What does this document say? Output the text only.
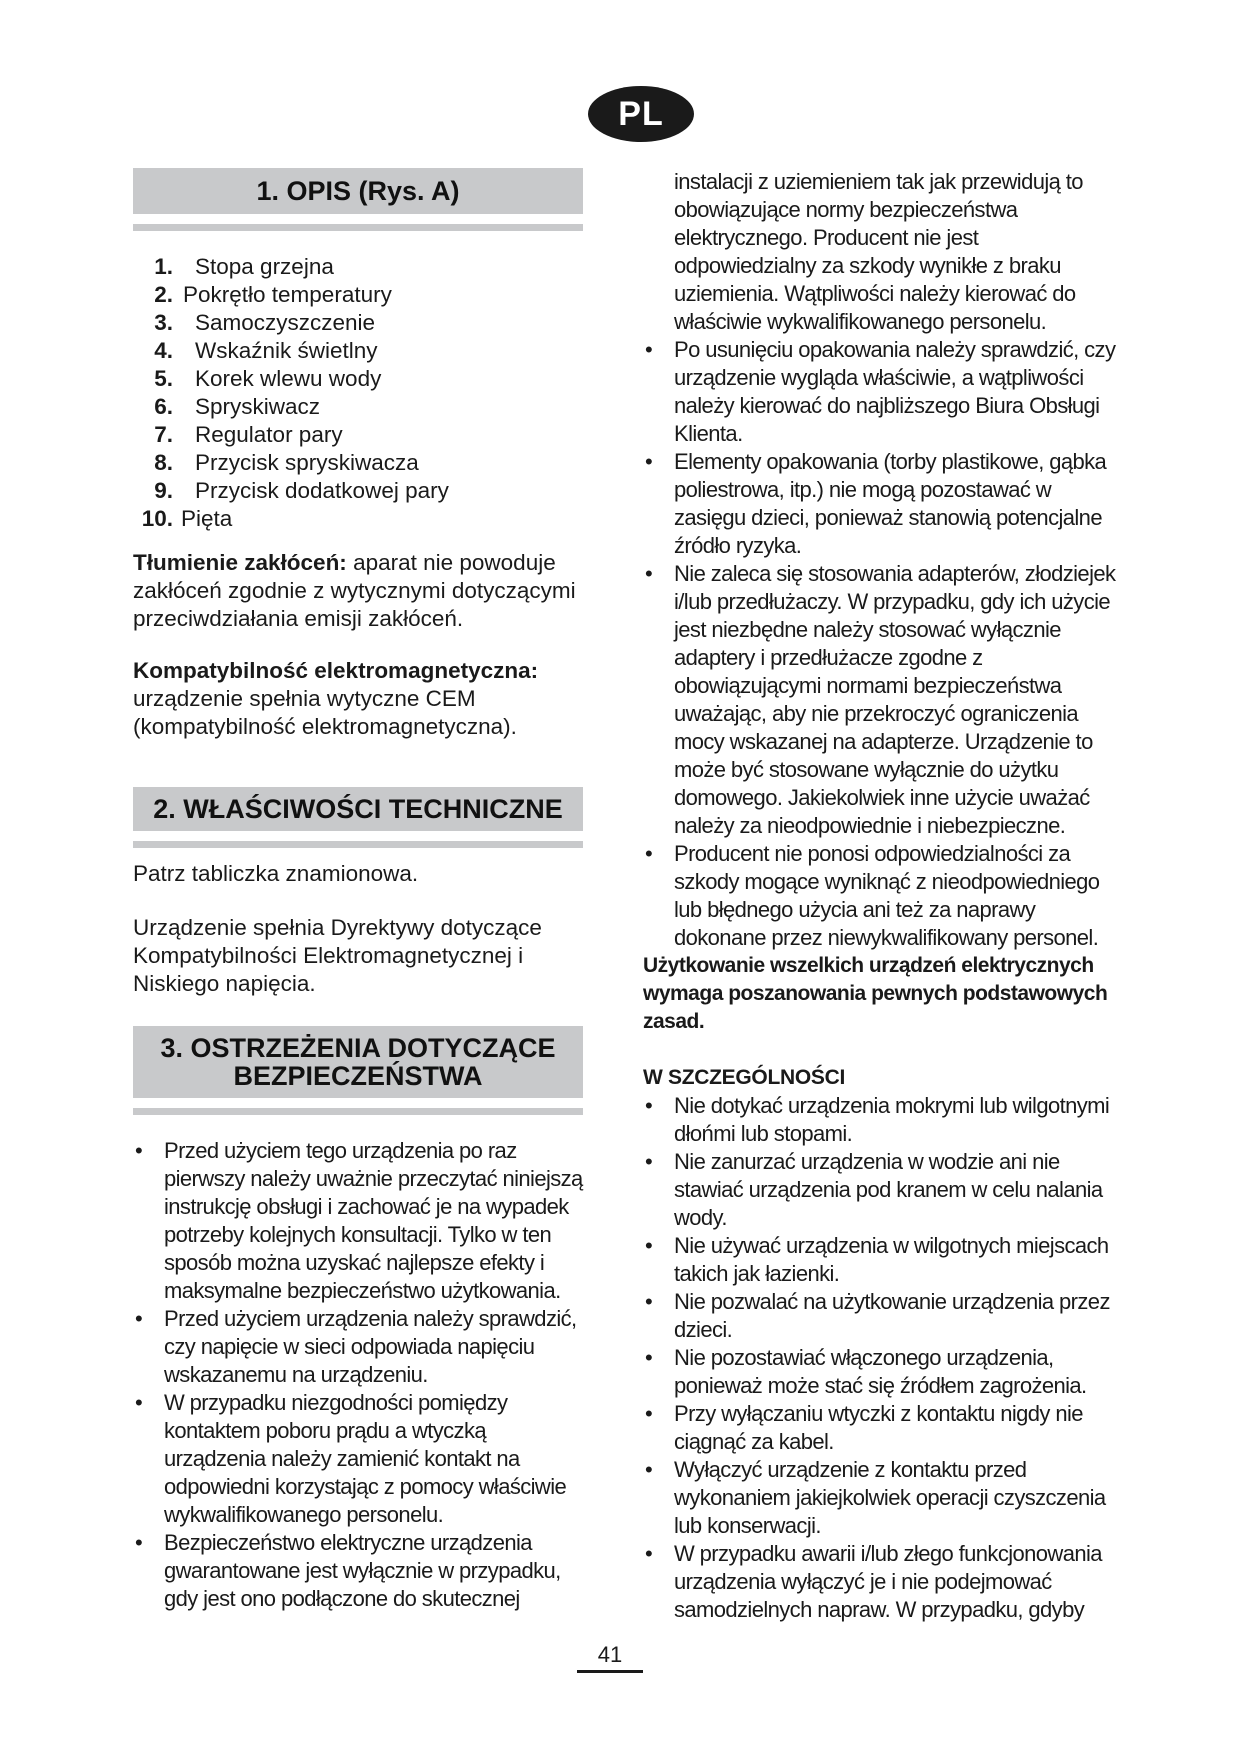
PL
1. OPIS (Rys. A)
1. Stopa grzejna
2. Pokrętło temperatury
3. Samoczyszczenie
4. Wskaźnik świetlny
5. Korek wlewu wody
6. Spryskiwacz
7. Regulator pary
8. Przycisk spryskiwacza
9. Przycisk dodatkowej pary
10. Pięta

Tłumienie zakłóceń: aparat nie powoduje zakłóceń zgodnie z wytycznymi dotyczącymi przeciwdziałania emisji zakłóceń.

Kompatybilność elektromagnetyczna:
urządzenie spełnia wytyczne CEM (kompatybilność elektromagnetyczna).

2. WŁAŚCIWOŚCI TECHNICZNE

Patrz tabliczka znamionowa.

Urządzenie spełnia Dyrektywy dotyczące Kompatybilności Elektromagnetycznej i Niskiego napięcia.

3. OSTRZEŻENIA DOTYCZĄCE
BEZPIECZEŃSTWA
• Przed użyciem tego urządzenia po raz pierwszy należy uważnie przeczytać niniejszą instrukcję obsługi i zachować je na wypadek potrzeby kolejnych konsultacji. Tylko w ten sposób można uzyskać najlepsze efekty i maksymalne bezpieczeństwo użytkowania.
• Przed użyciem urządzenia należy sprawdzić, czy napięcie w sieci odpowiada napięciu wskazanemu na urządzeniu.
• W przypadku niezgodności pomiędzy kontaktem poboru prądu a wtyczką urządzenia należy zamienić kontakt na odpowiedni korzystając z pomocy właściwie wykwalifikowanego personelu.
• Bezpieczeństwo elektryczne urządzenia gwarantowane jest wyłącznie w przypadku, gdy jest ono podłączone do skutecznej

instalacji z uziemieniem tak jak przewidują to obowiązujące normy bezpieczeństwa elektrycznego. Producent nie jest odpowiedzialny za szkody wynikłe z braku uziemienia. Wątpliwości należy kierować do właściwie wykwalifikowanego personelu.

• Po usunięciu opakowania należy sprawdzić, czy urządzenie wygląda właściwie, a wątpliwości należy kierować do najbliższego Biura Obsługi Klienta.
• Elementy opakowania (torby plastikowe, gąbka poliestrowa, itp.) nie mogą pozostawać w zasięgu dzieci, ponieważ stanowią potencjalne źródło ryzyka.
• Nie zaleca się stosowania adapterów, złodziejek i/lub przedłużaczy. W przypadku, gdy ich użycie jest niezbędne należy stosować wyłącznie adaptery i przedłużacze zgodne z obowiązującymi normami bezpieczeństwa uważając, aby nie przekroczyć ograniczenia mocy wskazanej na adapterze. Urządzenie to może być stosowane wyłącznie do użytku domowego. Jakiekolwiek inne użycie uważać należy za nieodpowiednie i niebezpieczne.
• Producent nie ponosi odpowiedzialności za szkody mogące wyniknąć z nieodpowiedniego lub błędnego użycia ani też za naprawy dokonane przez niewykwalifikowany personel.

Użytkowanie wszelkich urządzeń elektrycznych wymaga poszanowania pewnych podstawowych zasad.

W SZCZEGÓLNOŚCI

• Nie dotykać urządzenia mokrymi lub wilgotnymi dłońmi lub stopami.
• Nie zanurzać urządzenia w wodzie ani nie stawiać urządzenia pod kranem w celu nalania wody.
• Nie używać urządzenia w wilgotnych miejscach takich jak łazienki.
• Nie pozwalać na użytkowanie urządzenia przez dzieci.
• Nie pozostawiać włączonego urządzenia, ponieważ może stać się źródłem zagrożenia.
• Przy wyłączaniu wtyczki z kontaktu nigdy nie ciągnąć za kabel.
• Wyłączyć urządzenie z kontaktu przed wykonaniem jakiejkolwiek operacji czyszczenia lub konserwacji.
• W przypadku awarii i/lub złego funkcjonowania urządzenia wyłączyć je i nie podejmować samodzielnych napraw. W przypadku, gdyby
41
